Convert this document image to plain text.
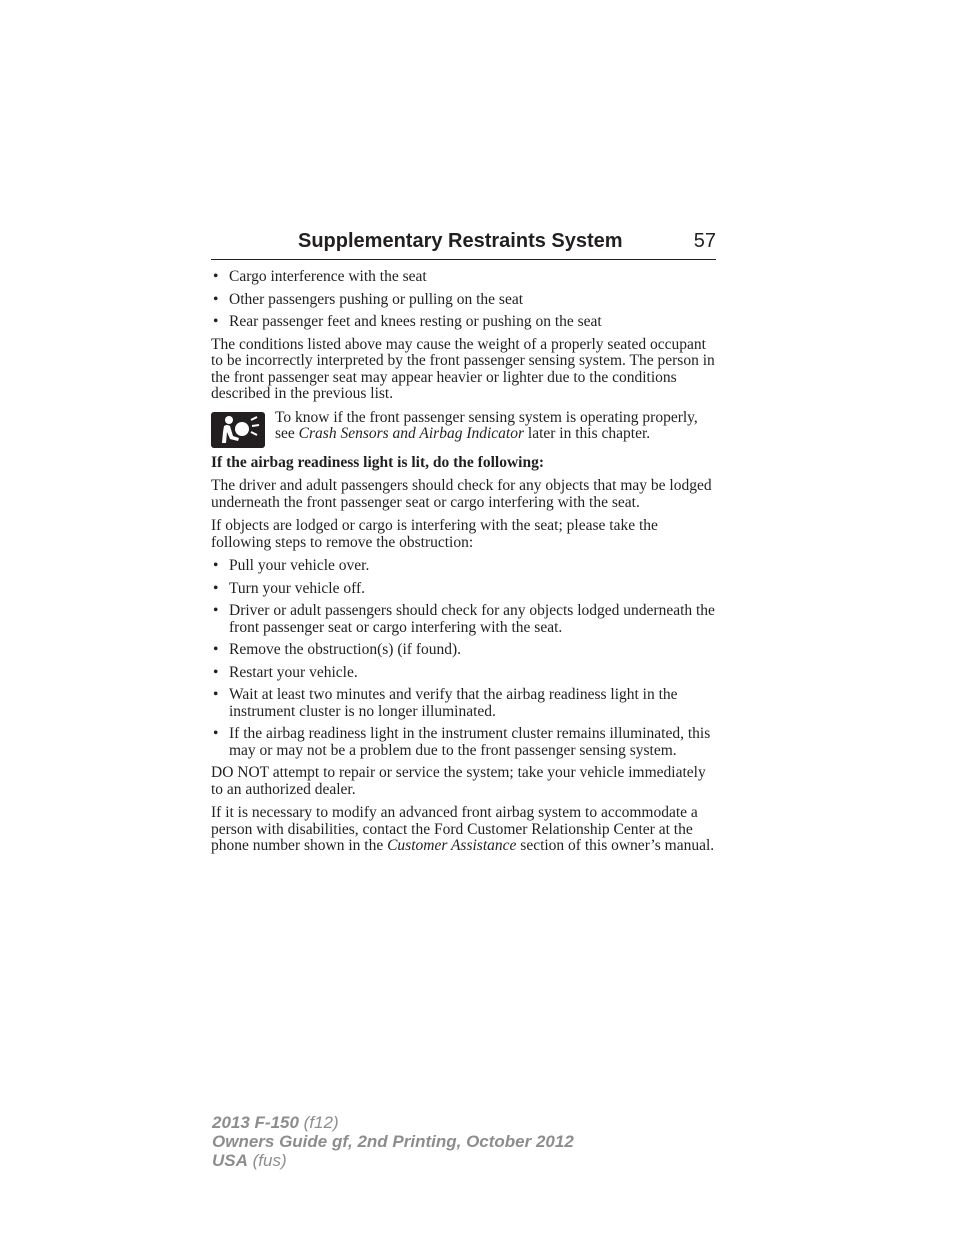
Supplementary Restraints System	57
• Cargo interference with the seat
• Other passengers pushing or pulling on the seat
• Rear passenger feet and knees resting or pushing on the seat

The conditions listed above may cause the weight of a properly seated occupant to be incorrectly interpreted by the front passenger sensing system. The person in the front passenger seat may appear heavier or lighter due to the conditions described in the previous list.

To know if the front passenger sensing system is operating properly, see Crash Sensors and Airbag Indicator later in this chapter.

If the airbag readiness light is lit, do the following:

The driver and adult passengers should check for any objects that may be lodged underneath the front passenger seat or cargo interfering with the seat.

If objects are lodged or cargo is interfering with the seat; please take the following steps to remove the obstruction:

• Pull your vehicle over.
• Turn your vehicle off.
• Driver or adult passengers should check for any objects lodged underneath the front passenger seat or cargo interfering with the seat.
• Remove the obstruction(s) (if found).
• Restart your vehicle.
• Wait at least two minutes and verify that the airbag readiness light in the instrument cluster is no longer illuminated.
• If the airbag readiness light in the instrument cluster remains illuminated, this may or may not be a problem due to the front passenger sensing system.

DO NOT attempt to repair or service the system; take your vehicle immediately to an authorized dealer.

If it is necessary to modify an advanced front airbag system to accommodate a person with disabilities, contact the Ford Customer Relationship Center at the phone number shown in the Customer Assistance section of this owner’s manual.

2013 F-150 (f12)
Owners Guide gf, 2nd Printing, October 2012
USA (fus)
